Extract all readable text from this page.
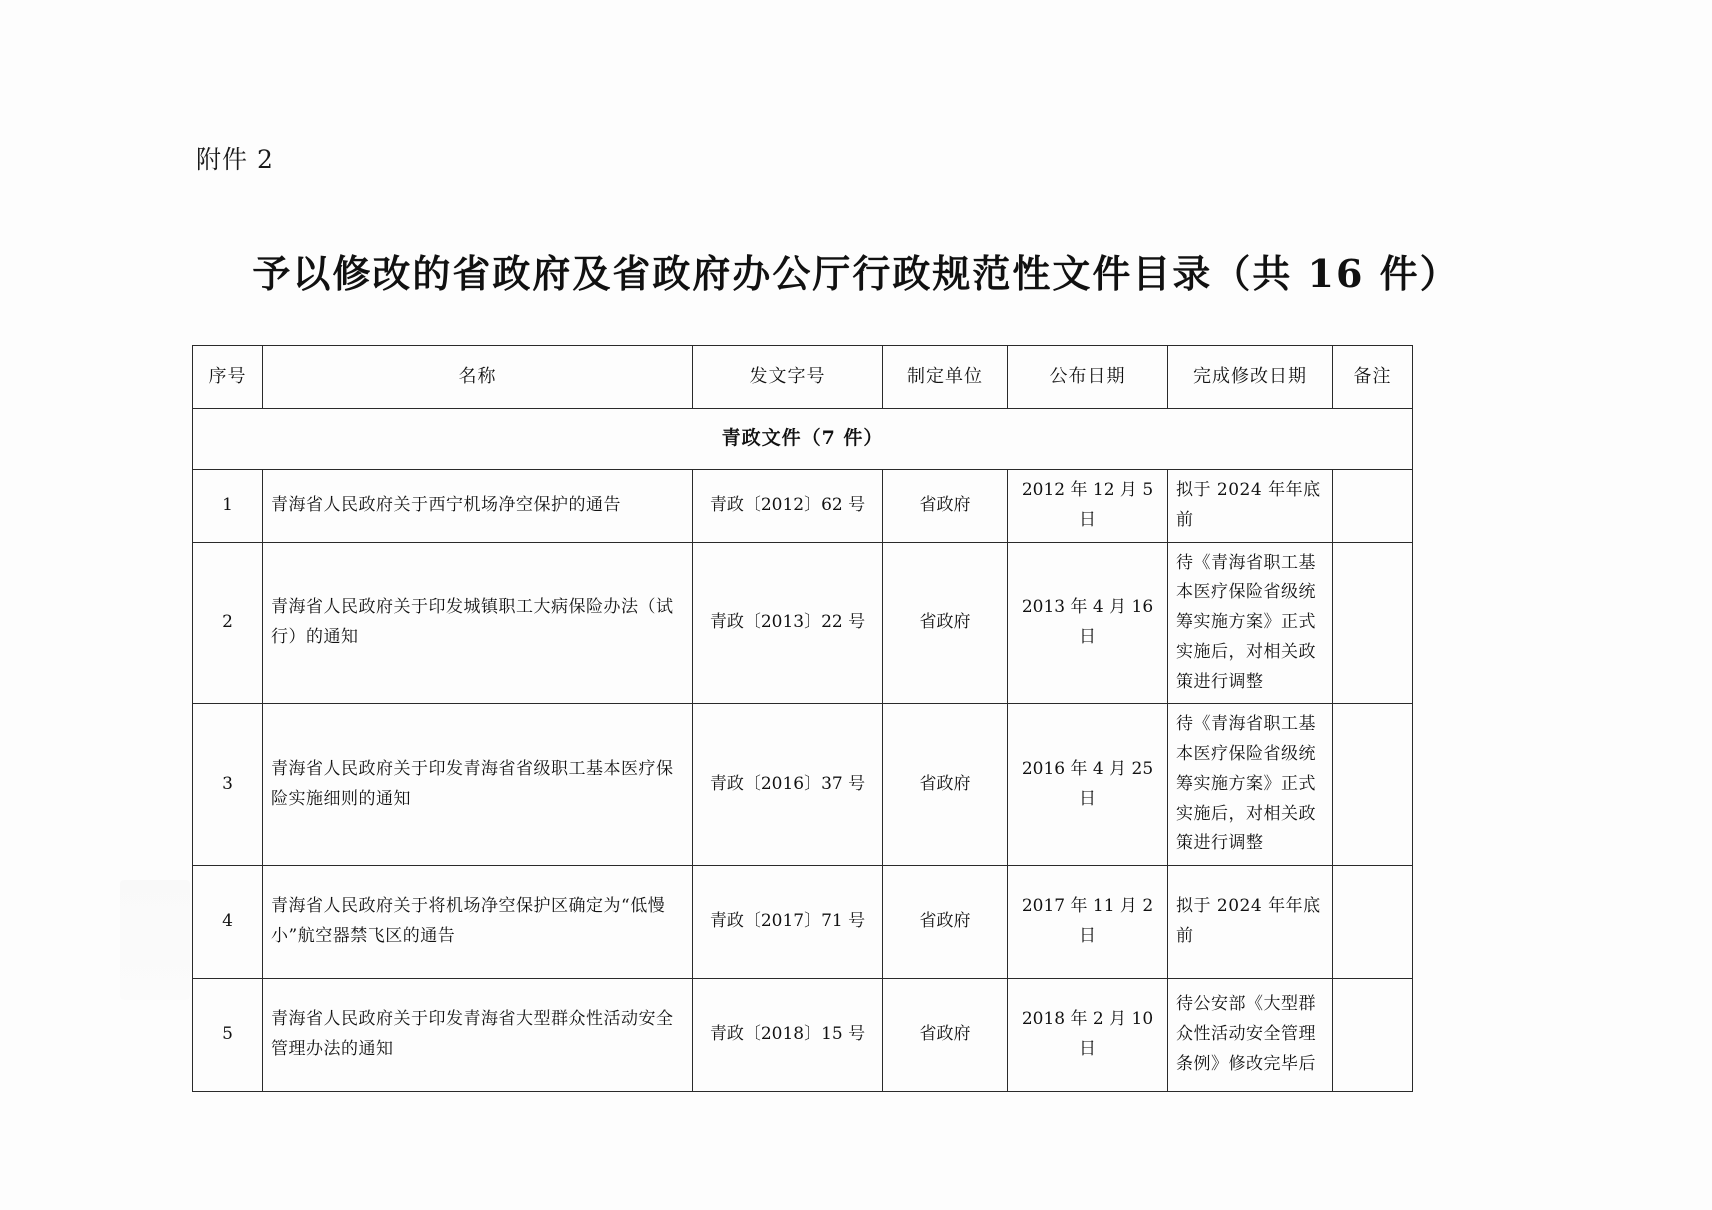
附件 2
予以修改的省政府及省政府办公厅行政规范性文件目录（共 16 件）
序号	名称	发文字号	制定单位	公布日期	完成修改日期	备注
青政文件（7 件）						
1	青海省人民政府关于西宁机场净空保护的通告	青政〔2012〕62 号	省政府	2012 年 12 月 5 日	拟于 2024 年年底前	
2	青海省人民政府关于印发城镇职工大病保险办法（试行）的通知	青政〔2013〕22 号	省政府	2013 年 4 月 16 日	待《青海省职工基本医疗保险省级统筹实施方案》正式实施后，对相关政策进行调整	
3	青海省人民政府关于印发青海省省级职工基本医疗保险实施细则的通知	青政〔2016〕37 号	省政府	2016 年 4 月 25 日	待《青海省职工基本医疗保险省级统筹实施方案》正式实施后，对相关政策进行调整	
4	青海省人民政府关于将机场净空保护区确定为“低慢小”航空器禁飞区的通告	青政〔2017〕71 号	省政府	2017 年 11 月 2 日	拟于 2024 年年底前	
5	青海省人民政府关于印发青海省大型群众性活动安全管理办法的通知	青政〔2018〕15 号	省政府	2018 年 2 月 10 日	待公安部《大型群众性活动安全管理条例》修改完毕后	
